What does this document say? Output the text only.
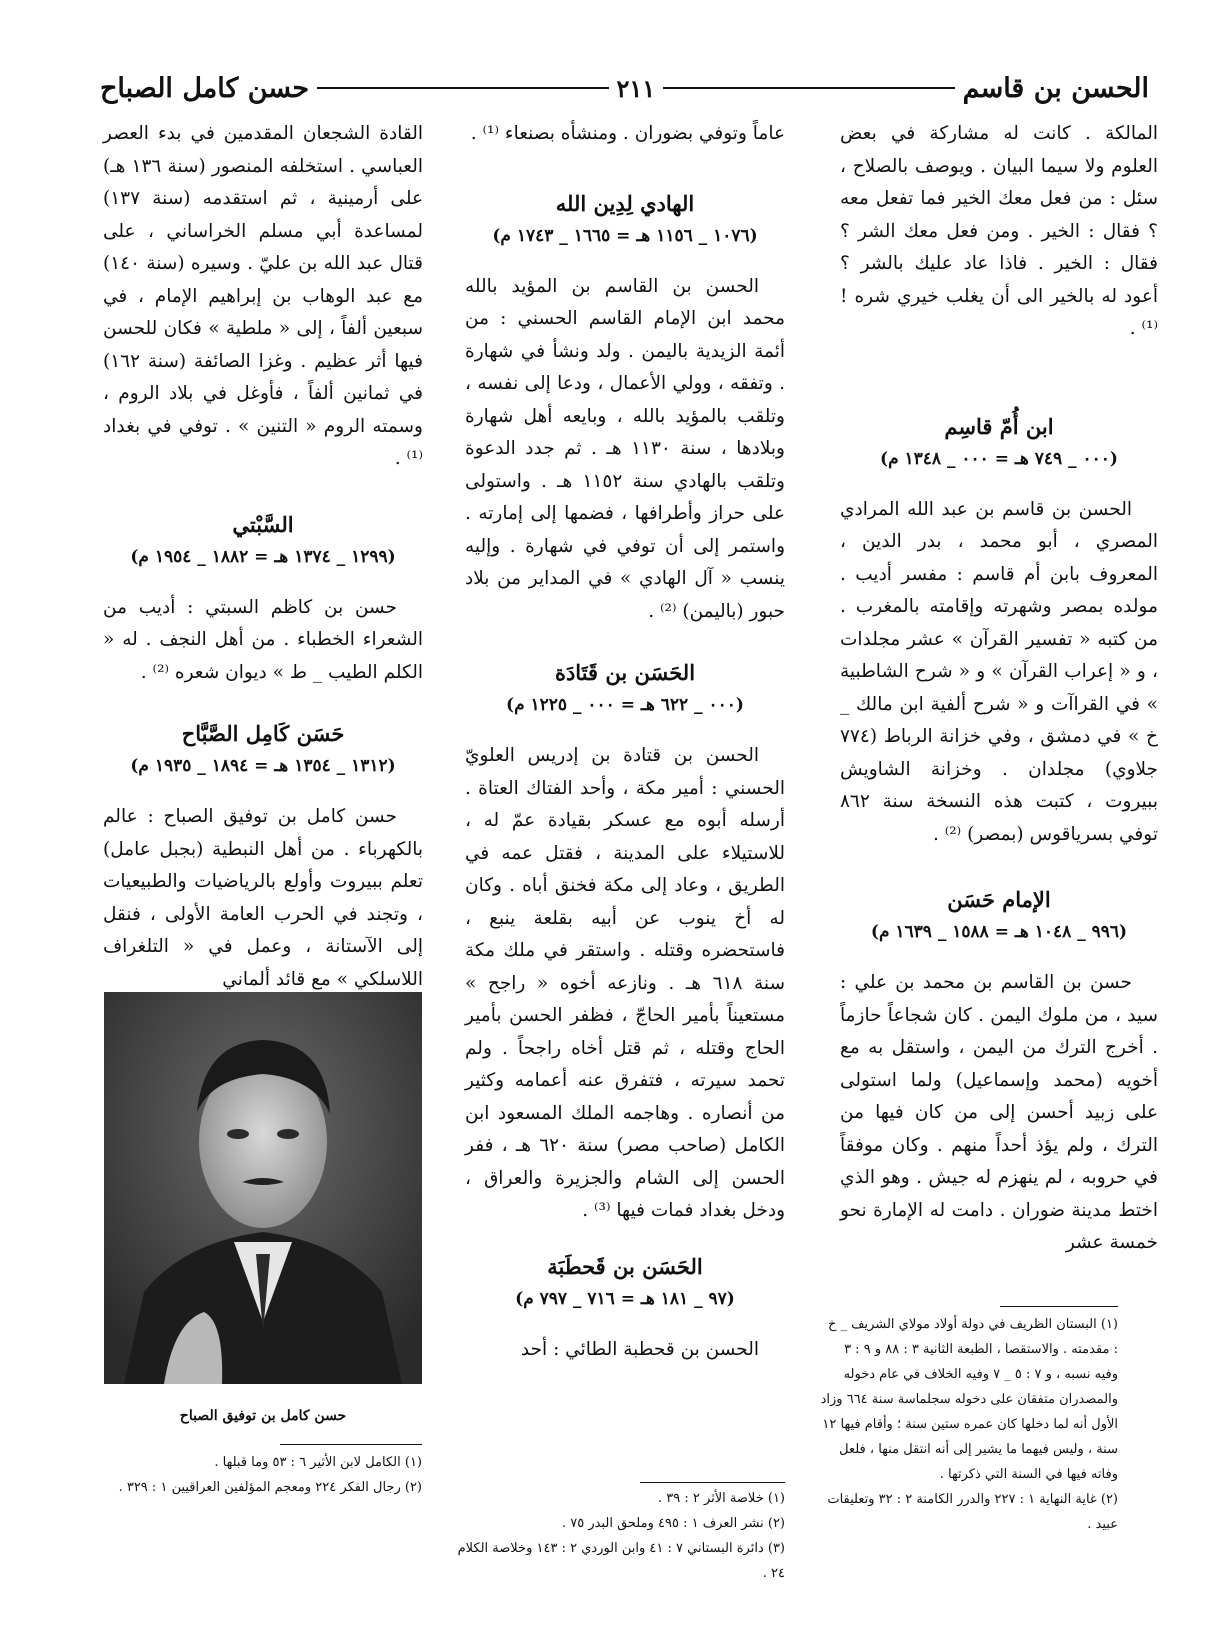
الحسن بن قاسم
٢١١
حسن كامل الصباح

المالكة . كانت له مشاركة في بعض العلوم ولا سيما البيان . ويوصف بالصلاح ، سئل : من فعل معك الخير فما تفعل معه ؟ فقال : الخير . ومن فعل معك الشر ؟ فقال : الخير . فاذا عاد عليك بالشر ؟ أعود له بالخير الى أن يغلب خيري شره ! ⁽¹⁾ .

ابن أُمّ قاسِم
(٠٠٠ _ ٧٤٩ هـ = ٠٠٠ _ ١٣٤٨ م)

الحسن بن قاسم بن عبد الله المرادي المصري ، أبو محمد ، بدر الدين ، المعروف بابن أم قاسم : مفسر أديب . مولده بمصر وشهرته وإقامته بالمغرب . من كتبه « تفسير القرآن » عشر مجلدات ، و « إعراب القرآن » و « شرح الشاطبية » في القراآت و « شرح ألفية ابن مالك _ خ » في دمشق ، وفي خزانة الرباط (٧٧٤ جلاوي) مجلدان . وخزانة الشاويش ببيروت ، كتبت هذه النسخة سنة ٨٦٢ توفي بسرياقوس (بمصر) ⁽²⁾ .

الإمام حَسَن
(٩٩٦ _ ١٠٤٨ هـ = ١٥٨٨ _ ١٦٣٩ م)

حسن بن القاسم بن محمد بن علي : سيد ، من ملوك اليمن . كان شجاعاً حازماً . أخرج الترك من اليمن ، واستقل به مع أخويه (محمد وإسماعيل) ولما استولى على زبيد أحسن إلى من كان فيها من الترك ، ولم يؤذ أحداً منهم . وكان موفقاً في حروبه ، لم ينهزم له جيش . وهو الذي اختط مدينة ضوران . دامت له الإمارة نحو خمسة عشر

(١) البستان الظريف في دولة أولاد مولاي الشريف _ خ : مقدمته . والاستقصا ، الطبعة الثانية ٣ : ٨٨ و ٩ : ٣ وفيه نسبه ، و ٧ : ٥ _ ٧ وفيه الخلاف في عام دخوله والمصدران متفقان على دخوله سجلماسة سنة ٦٦٤ وزاد الأول أنه لما دخلها كان عمره ستين سنة ؛ وأقام فيها ١٢ سنة ، وليس فيهما ما يشير إلى أنه انتقل منها ، فلعل وفاته فيها في السنة التي ذكرتها .

(٢) غاية النهاية ١ : ٢٢٧ والدرر الكامنة ٢ : ٣٢ وتعليقات عبيد .

عاماً وتوفي بضوران . ومنشأه بصنعاء ⁽¹⁾ .

الهادي لِدِين الله
(١٠٧٦ _ ١١٥٦ هـ = ١٦٦٥ _ ١٧٤٣ م)

الحسن بن القاسم بن المؤيد بالله محمد ابن الإمام القاسم الحسني : من أئمة الزيدية باليمن . ولد ونشأ في شهارة . وتفقه ، وولي الأعمال ، ودعا إلى نفسه ، وتلقب بالمؤيد بالله ، وبايعه أهل شهارة وبلادها ، سنة ١١٣٠ هـ . ثم جدد الدعوة وتلقب بالهادي سنة ١١٥٢ هـ . واستولى على حراز وأطرافها ، فضمها إلى إمارته . واستمر إلى أن توفي في شهارة . وإليه ينسب « آل الهادي » في المداير من بلاد حبور (باليمن) ⁽²⁾ .

الحَسَن بن قَتَادَة
(٠٠٠ _ ٦٢٢ هـ = ٠٠٠ _ ١٢٢٥ م)

الحسن بن قتادة بن إدريس العلويّ الحسني : أمير مكة ، وأحد الفتاك العتاة . أرسله أبوه مع عسكر بقيادة عمّ له ، للاستيلاء على المدينة ، فقتل عمه في الطريق ، وعاد إلى مكة فخنق أباه . وكان له أخ ينوب عن أبيه بقلعة ينبع ، فاستحضره وقتله . واستقر في ملك مكة سنة ٦١٨ هـ . ونازعه أخوه « راجح » مستعيناً بأمير الحاجّ ، فظفر الحسن بأمير الحاج وقتله ، ثم قتل أخاه راجحاً . ولم تحمد سيرته ، فتفرق عنه أعمامه وكثير من أنصاره . وهاجمه الملك المسعود ابن الكامل (صاحب مصر) سنة ٦٢٠ هـ ، ففر الحسن إلى الشام والجزيرة والعراق ، ودخل بغداد فمات فيها ⁽³⁾ .

الحَسَن بن قَحطَبَة
(٩٧ _ ١٨١ هـ = ٧١٦ _ ٧٩٧ م)

الحسن بن قحطبة الطائي : أحد

(١) خلاصة الأثر ٢ : ٣٩ .

(٢) نشر العرف ١ : ٤٩٥ وملحق البدر ٧٥ .

(٣) دائرة البستاني ٧ : ٤١ وابن الوردي ٢ : ١٤٣ وخلاصة الكلام ٢٤ .

القادة الشجعان المقدمين في بدء العصر العباسي . استخلفه المنصور (سنة ١٣٦ هـ) على أرمينية ، ثم استقدمه (سنة ١٣٧) لمساعدة أبي مسلم الخراساني ، على قتال عبد الله بن عليّ . وسيره (سنة ١٤٠) مع عبد الوهاب بن إبراهيم الإمام ، في سبعين ألفاً ، إلى « ملطية » فكان للحسن فيها أثر عظيم . وغزا الصائفة (سنة ١٦٢) في ثمانين ألفاً ، فأوغل في بلاد الروم ، وسمته الروم « التنين » . توفي في بغداد ⁽¹⁾ .

السَّبْتي
(١٢٩٩ _ ١٣٧٤ هـ = ١٨٨٢ _ ١٩٥٤ م)

حسن بن كاظم السبتي : أديب من الشعراء الخطباء . من أهل النجف . له « الكلم الطيب _ ط » ديوان شعره ⁽²⁾ .

حَسَن كَامِل الصَّبَّاح
(١٣١٢ _ ١٣٥٤ هـ = ١٨٩٤ _ ١٩٣٥ م)

حسن كامل بن توفيق الصباح : عالم بالكهرباء . من أهل النبطية (بجبل عامل) تعلم ببيروت وأولع بالرياضيات والطبيعيات ، وتجند في الحرب العامة الأولى ، فنقل إلى الآستانة ، وعمل في « التلغراف اللاسلكي » مع قائد ألماني

حسن كامل بن توفيق الصباح

(١) الكامل لابن الأثير ٦ : ٥٣ وما قبلها .

(٢) رجال الفكر ٢٢٤ ومعجم المؤلفين العراقيين ١ : ٣٢٩ .
